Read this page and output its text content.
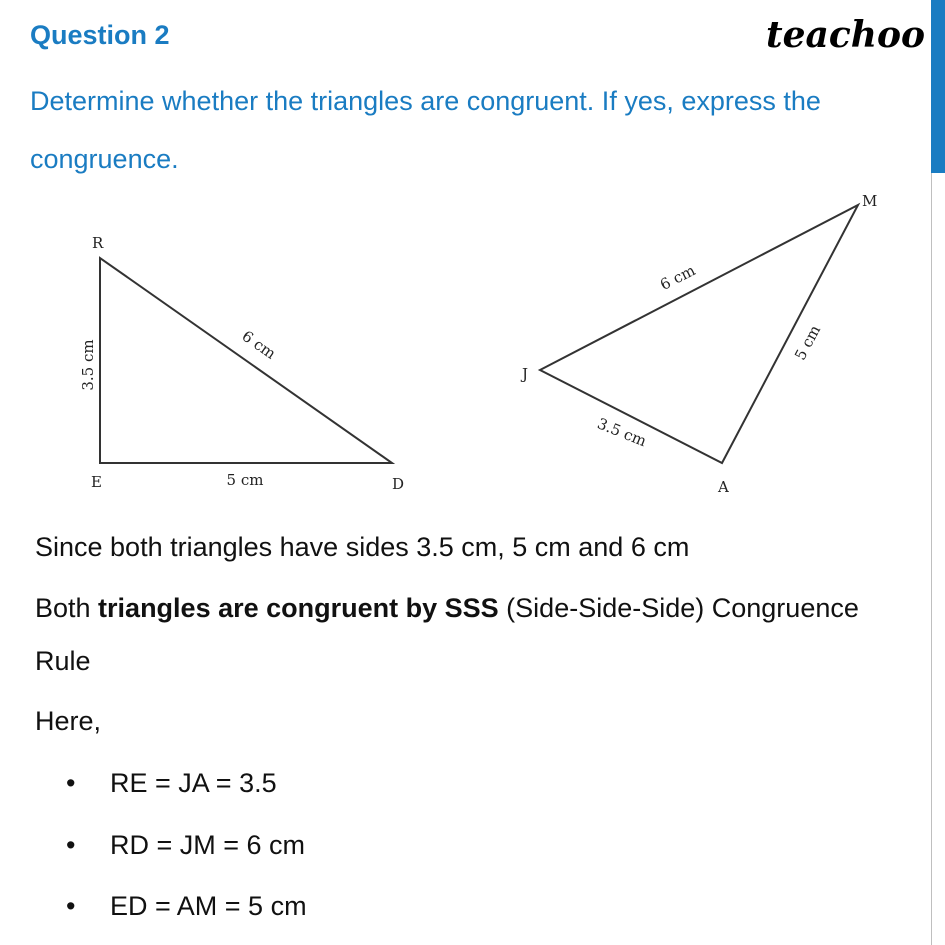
Question 2	teachoo
Determine whether the triangles are congruent. If yes, express the congruence.
R
E	D
3.5 cm
5 cm
6 cm
M
J
A
6 cm
5 cm
3.5 cm
Since both triangles have sides 3.5 cm, 5 cm and 6 cm
Both triangles are congruent by SSS (Side-Side-Side) Congruence
Rule
Here,
• RE = JA = 3.5
• RD = JM = 6 cm
• ED = AM = 5 cm
